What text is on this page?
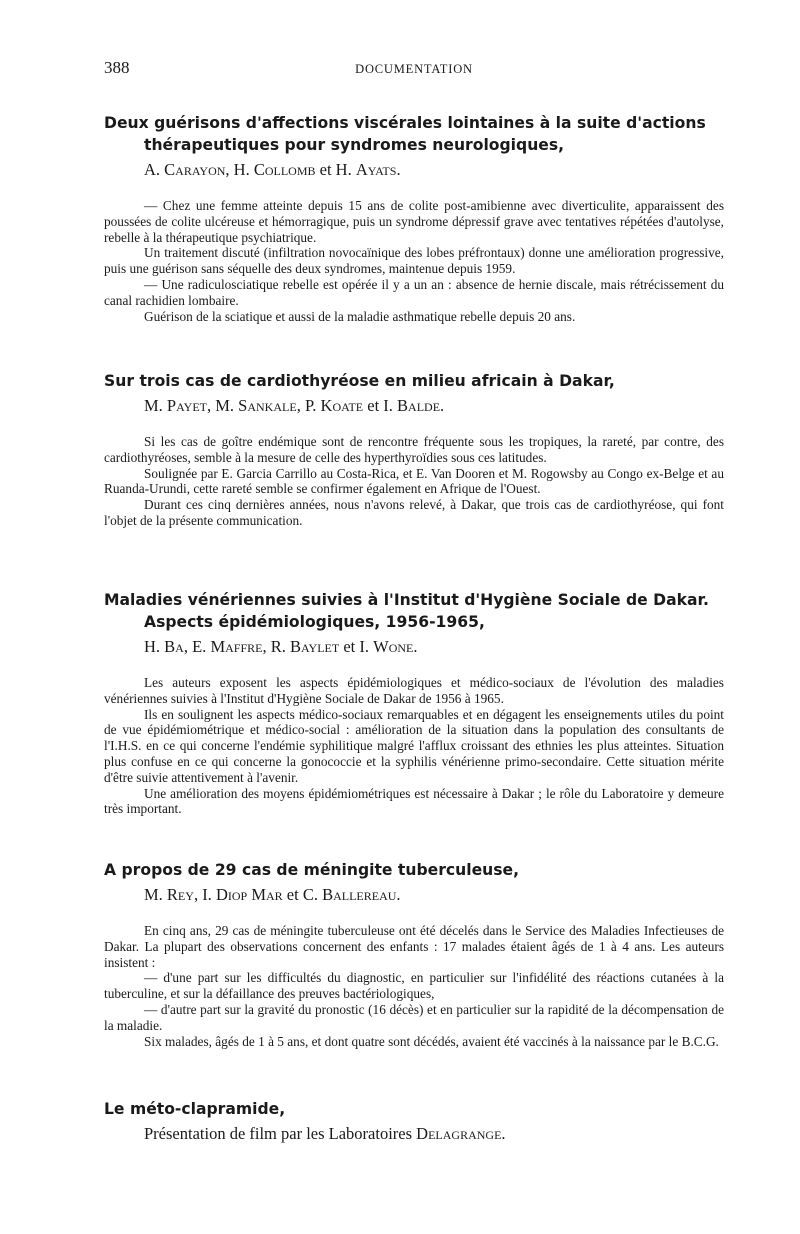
388	DOCUMENTATION
Deux guérisons d'affections viscérales lointaines à la suite d'actions
thérapeutiques pour syndromes neurologiques,
A. Carayon, H. Collomb et H. Ayats.

— Chez une femme atteinte depuis 15 ans de colite post-amibienne avec diverticulite, apparaissent des poussées de colite ulcéreuse et hémorragique, puis un syndrome dépressif grave avec tentatives répétées d'autolyse, rebelle à la thérapeutique psychiatrique.

Un traitement discuté (infiltration novocaïnique des lobes préfrontaux) donne une amélioration progressive, puis une guérison sans séquelle des deux syndromes, maintenue depuis 1959.

— Une radiculosciatique rebelle est opérée il y a un an : absence de hernie discale, mais rétrécissement du canal rachidien lombaire.

Guérison de la sciatique et aussi de la maladie asthmatique rebelle depuis 20 ans.

Sur trois cas de cardiothyréose en milieu africain à Dakar,
M. Payet, M. Sankale, P. Koate et I. Balde.

Si les cas de goître endémique sont de rencontre fréquente sous les tropiques, la rareté, par contre, des cardiothyréoses, semble à la mesure de celle des hyperthyroïdies sous ces latitudes.

Soulignée par E. Garcia Carrillo au Costa-Rica, et E. Van Dooren et M. Rogowsby au Congo ex-Belge et au Ruanda-Urundi, cette rareté semble se confirmer également en Afrique de l'Ouest.

Durant ces cinq dernières années, nous n'avons relevé, à Dakar, que trois cas de cardiothyréose, qui font l'objet de la présente communication.

Maladies vénériennes suivies à l'Institut d'Hygiène Sociale de Dakar.
Aspects épidémiologiques, 1956-1965,
H. Ba, E. Maffre, R. Baylet et I. Wone.

Les auteurs exposent les aspects épidémiologiques et médico-sociaux de l'évolution des maladies vénériennes suivies à l'Institut d'Hygiène Sociale de Dakar de 1956 à 1965.

Ils en soulignent les aspects médico-sociaux remarquables et en dégagent les enseignements utiles du point de vue épidémiométrique et médico-social : amélioration de la situation dans la population des consultants de l'I.H.S. en ce qui concerne l'endémie syphilitique malgré l'afflux croissant des ethnies les plus atteintes. Situation plus confuse en ce qui concerne la gonococcie et la syphilis vénérienne primo-secondaire. Cette situation mérite d'être suivie attentivement à l'avenir.

Une amélioration des moyens épidémiométriques est nécessaire à Dakar ; le rôle du Laboratoire y demeure très important.

A propos de 29 cas de méningite tuberculeuse,
M. Rey, I. Diop Mar et C. Ballereau.

En cinq ans, 29 cas de méningite tuberculeuse ont été décelés dans le Service des Maladies Infectieuses de Dakar. La plupart des observations concernent des enfants : 17 malades étaient âgés de 1 à 4 ans. Les auteurs insistent :

— d'une part sur les difficultés du diagnostic, en particulier sur l'infidélité des réactions cutanées à la tuberculine, et sur la défaillance des preuves bactériologiques,

— d'autre part sur la gravité du pronostic (16 décès) et en particulier sur la rapidité de la décompensation de la maladie.

Six malades, âgés de 1 à 5 ans, et dont quatre sont décédés, avaient été vaccinés à la naissance par le B.C.G.

Le méto-clapramide,
Présentation de film par les Laboratoires Delagrange.
